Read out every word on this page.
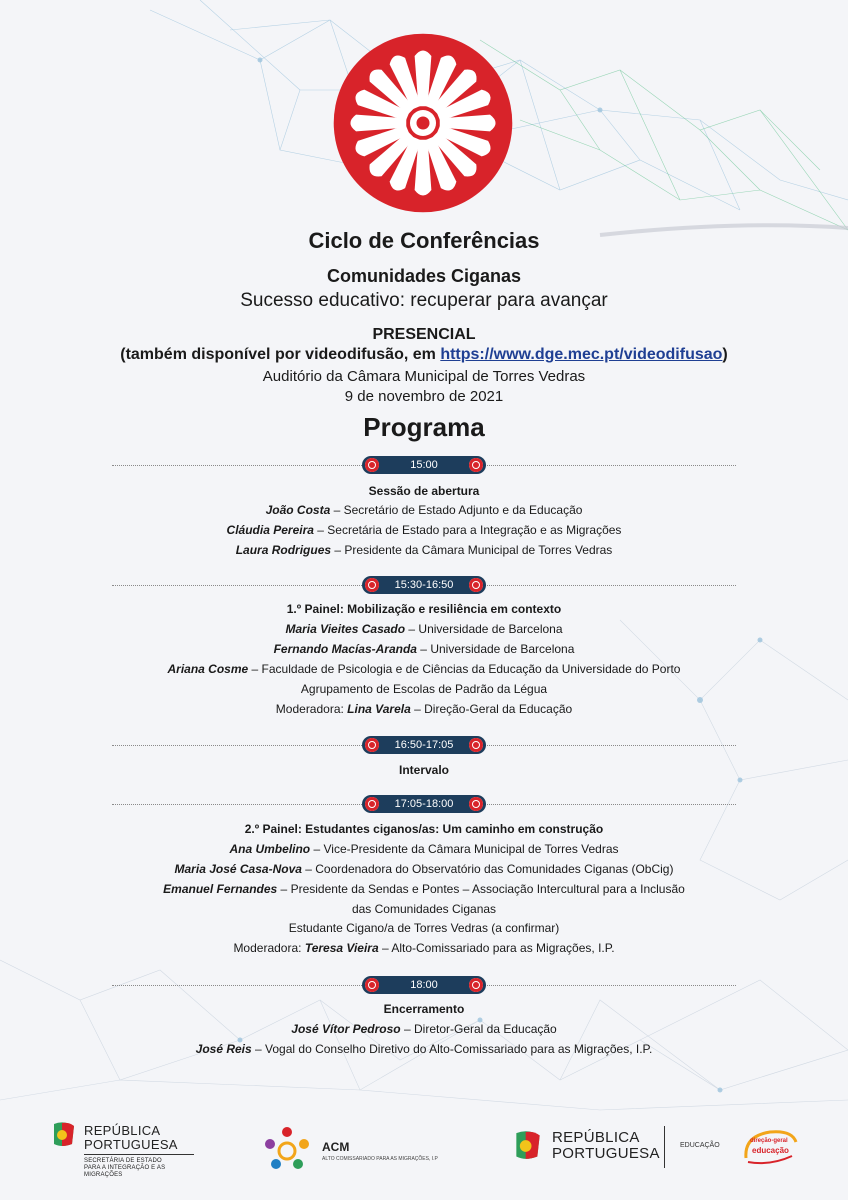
Ciclo de Conferências
Comunidades Ciganas
Sucesso educativo: recuperar para avançar
PRESENCIAL
(também disponível por videodifusão, em https://www.dge.mec.pt/videodifusao)
Auditório da Câmara Municipal de Torres Vedras
9 de novembro de 2021
Programa
15:00
Sessão de abertura
João Costa – Secretário de Estado Adjunto e da Educação
Cláudia Pereira – Secretária de Estado para a Integração e as Migrações
Laura Rodrigues – Presidente da Câmara Municipal de Torres Vedras
15:30-16:50
1.º Painel: Mobilização e resiliência em contexto
Maria Vieites Casado – Universidade de Barcelona
Fernando Macías-Aranda – Universidade de Barcelona
Ariana Cosme – Faculdade de Psicologia e de Ciências da Educação da Universidade do Porto
Agrupamento de Escolas de Padrão da Légua
Moderadora: Lina Varela – Direção-Geral da Educação
16:50-17:05
Intervalo
17:05-18:00
2.º Painel: Estudantes ciganos/as: Um caminho em construção
Ana Umbelino – Vice-Presidente da Câmara Municipal de Torres Vedras
Maria José Casa-Nova – Coordenadora do Observatório das Comunidades Ciganas (ObCig)
Emanuel Fernandes – Presidente da Sendas e Pontes – Associação Intercultural para a Inclusão
das Comunidades Ciganas
Estudante Cigano/a de Torres Vedras (a confirmar)
Moderadora: Teresa Vieira – Alto-Comissariado para as Migrações, I.P.
18:00
Encerramento
José Vítor Pedroso – Diretor-Geral da Educação
José Reis – Vogal do Conselho Diretivo do Alto-Comissariado para as Migrações, I.P.
REPÚBLICA
PORTUGUESA
SECRETÁRIA DE ESTADO
PARA A INTEGRAÇÃO E AS MIGRAÇÕES
ACM
ALTO COMISSARIADO PARA AS MIGRAÇÕES, I.P
REPÚBLICA
PORTUGUESA	EDUCAÇÃO
direção-geral
educação
